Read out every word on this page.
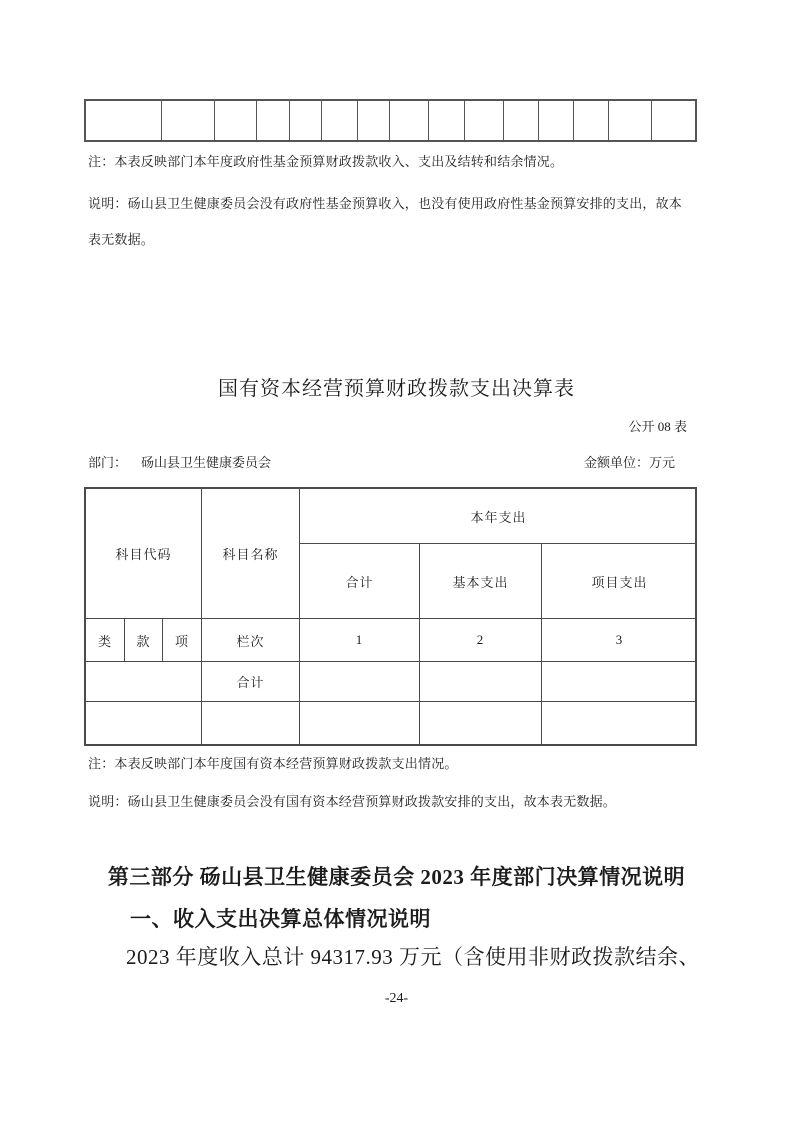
注：本表反映部门本年度政府性基金预算财政拨款收入、支出及结转和结余情况。
说明：砀山县卫生健康委员会没有政府性基金预算收入，也没有使用政府性基金预算安排的支出，故本
表无数据。
国有资本经营预算财政拨款支出决算表
公开 08 表
部门： 砀山县卫生健康委员会	金额单位：万元
科目代码	科目名称
本年支出
合计	基本支出	项目支出
类	款	项	栏次	1	2	3
合计
注：本表反映部门本年度国有资本经营预算财政拨款支出情况。
说明：砀山县卫生健康委员会没有国有资本经营预算财政拨款安排的支出，故本表无数据。
第三部分 砀山县卫生健康委员会 2023 年度部门决算情况说明
一、收入支出决算总体情况说明
2023 年度收入总计 94317.93 万元（含使用非财政拨款结余、
-24-
